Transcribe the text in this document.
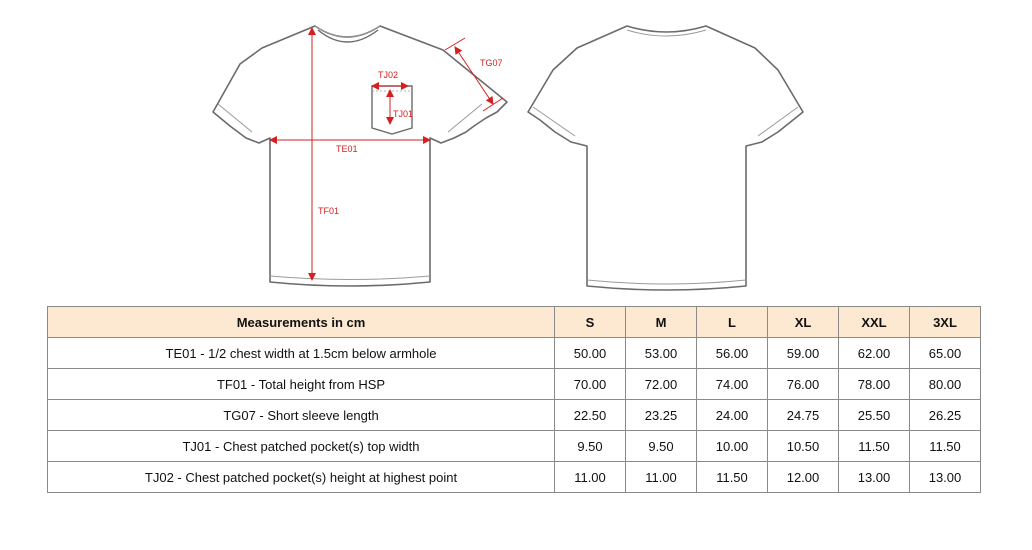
TJ02
TG07
TJ01
TE01
TF01
Measurements in cm	S	M	L	XL	XXL	3XL
TE01 - 1/2 chest width at 1.5cm below armhole	50.00	53.00	56.00	59.00	62.00	65.00
TF01 - Total height from HSP	70.00	72.00	74.00	76.00	78.00	80.00
TG07 - Short sleeve length	22.50	23.25	24.00	24.75	25.50	26.25
TJ01 - Chest patched pocket(s) top width	9.50	9.50	10.00	10.50	11.50	11.50
TJ02 - Chest patched pocket(s) height at highest point	11.00	11.00	11.50	12.00	13.00	13.00
